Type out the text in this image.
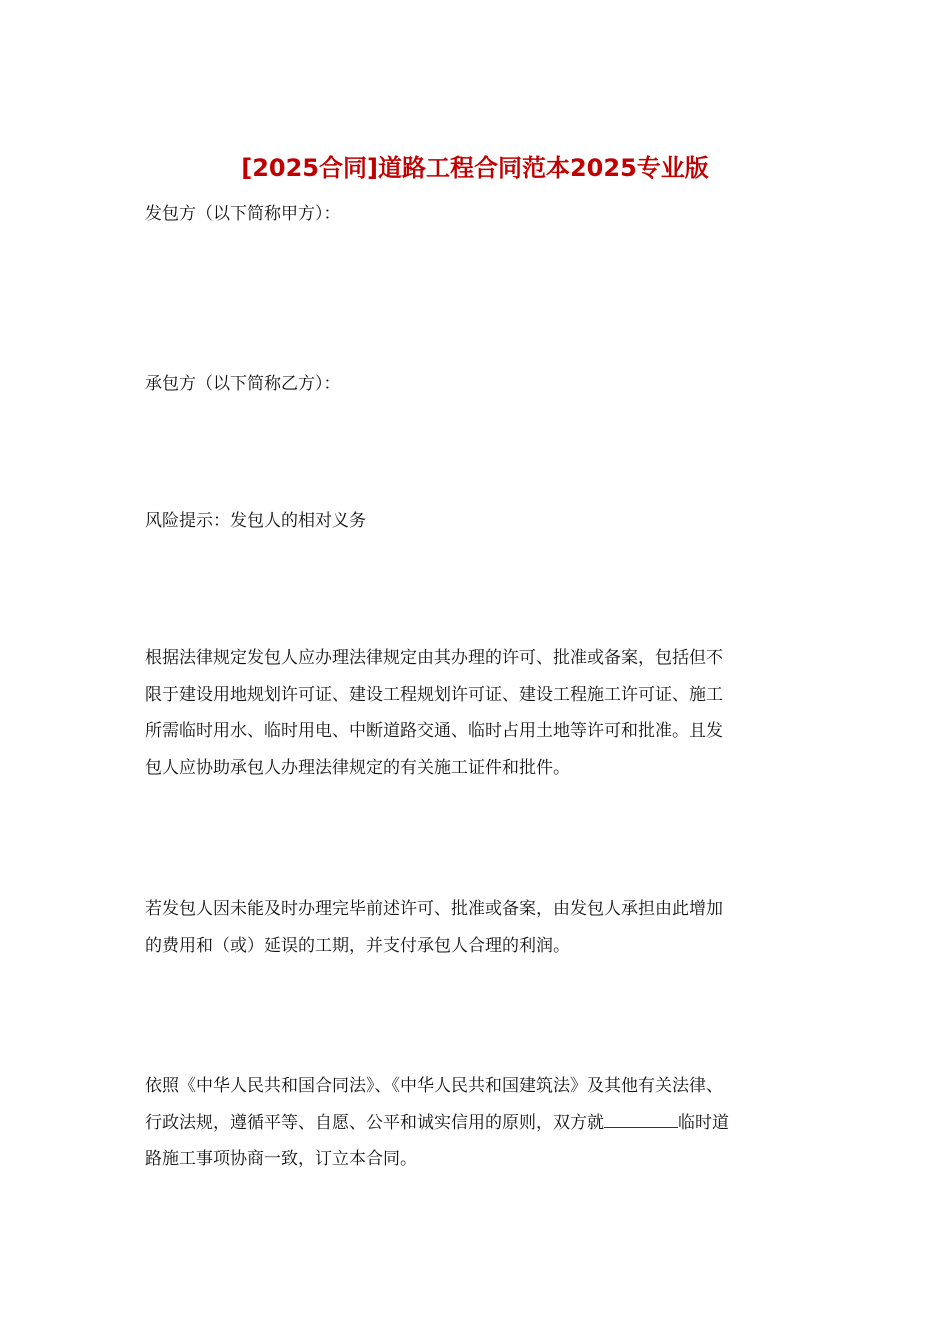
[2025合同]道路工程合同范本2025专业版

发包方（以下简称甲方）：

承包方（以下简称乙方）：

风险提示：发包人的相对义务

根据法律规定发包人应办理法律规定由其办理的许可、批准或备案，包括但不
限于建设用地规划许可证、建设工程规划许可证、建设工程施工许可证、施工
所需临时用水、临时用电、中断道路交通、临时占用土地等许可和批准。且发
包人应协助承包人办理法律规定的有关施工证件和批件。
若发包人因未能及时办理完毕前述许可、批准或备案，由发包人承担由此增加
的费用和（或）延误的工期，并支付承包人合理的利润。
依照《中华人民共和国合同法》、《中华人民共和国建筑法》及其他有关法律、
行政法规，遵循平等、自愿、公平和诚实信用的原则，双方就	临时道
路施工事项协商一致，订立本合同。
